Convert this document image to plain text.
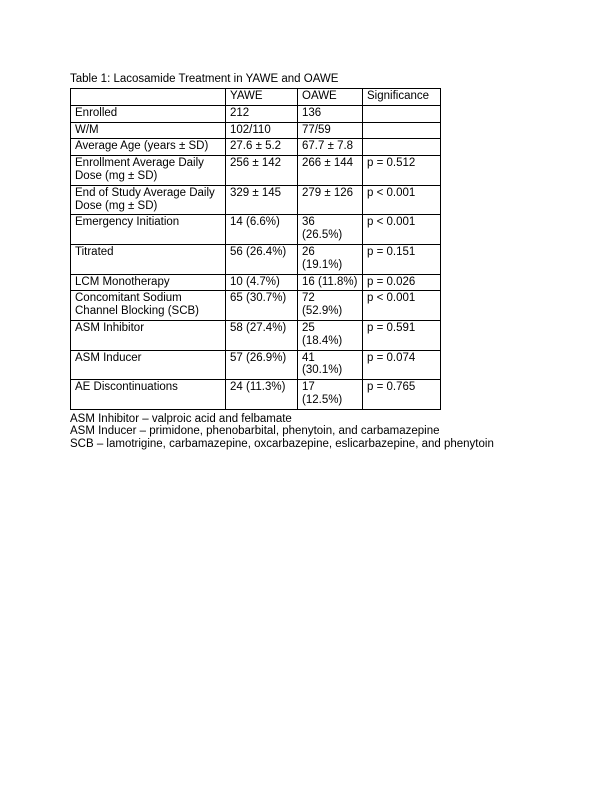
Table 1: Lacosamide Treatment in YAWE and OAWE
	YAWE	OAWE	Significance
Enrolled	212	136	
W/M	102/110	77/59	
Average Age (years ± SD)	27.6 ± 5.2	67.7 ± 7.8	
Enrollment Average Daily Dose (mg ± SD)	256 ± 142	266 ± 144	p = 0.512
End of Study Average Daily Dose (mg ± SD)	329 ± 145	279 ± 126	p < 0.001
Emergency Initiation	14 (6.6%)	36 (26.5%)	p < 0.001
Titrated	56 (26.4%)	26 (19.1%)	p = 0.151
LCM Monotherapy	10 (4.7%)	16 (11.8%)	p = 0.026
Concomitant Sodium Channel Blocking (SCB)	65 (30.7%)	72 (52.9%)	p < 0.001
ASM Inhibitor	58 (27.4%)	25 (18.4%)	p = 0.591
ASM Inducer	57 (26.9%)	41 (30.1%)	p = 0.074
AE Discontinuations	24 (11.3%)	17 (12.5%)	p = 0.765
ASM Inhibitor – valproic acid and felbamate
ASM Inducer – primidone, phenobarbital, phenytoin, and carbamazepine
SCB – lamotrigine, carbamazepine, oxcarbazepine, eslicarbazepine, and phenytoin
